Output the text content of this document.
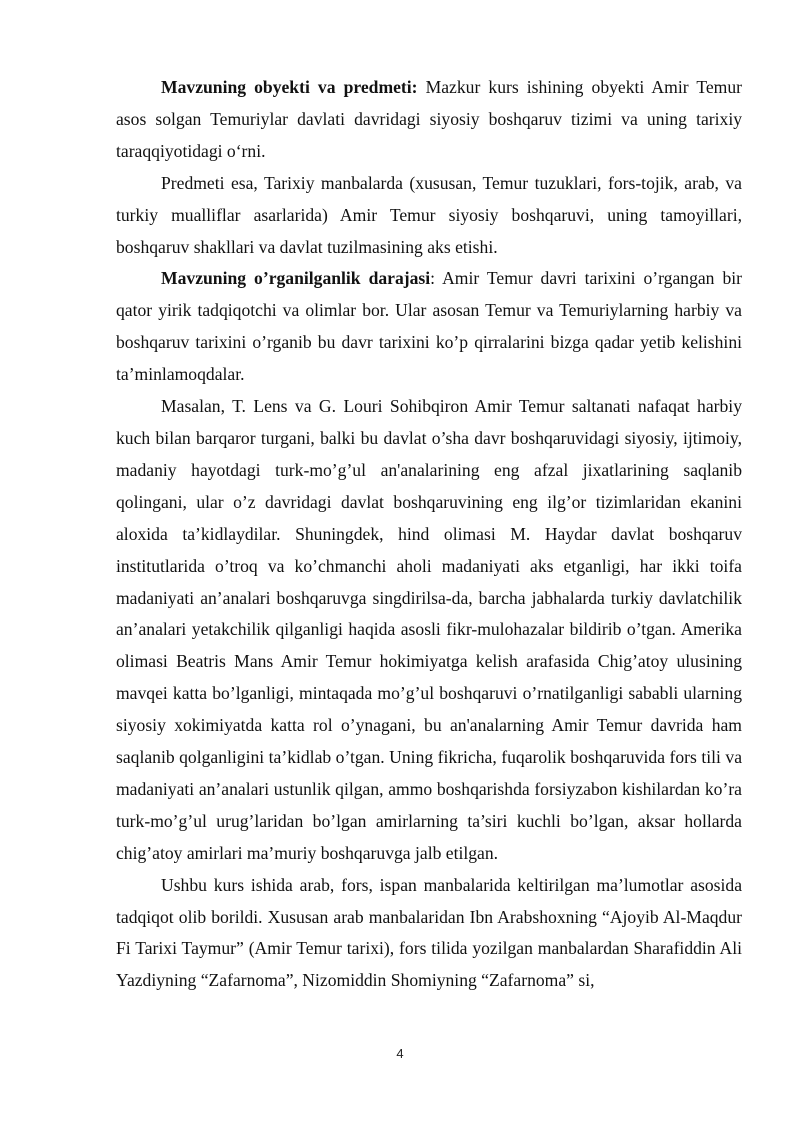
Mavzuning obyekti va predmeti: Mazkur kurs ishining obyekti Amir Temur asos solgan Temuriylar davlati davridagi siyosiy boshqaruv tizimi va uning tarixiy taraqqiyotidagi o‘rni.

Predmeti esa, Tarixiy manbalarda (xususan, Temur tuzuklari, fors-tojik, arab, va turkiy mualliflar asarlarida) Amir Temur siyosiy boshqaruvi, uning tamoyillari, boshqaruv shakllari va davlat tuzilmasining aks etishi.

Mavzuning o’rganilganlik darajasi: Amir Temur davri tarixini o’rgangan bir qator yirik tadqiqotchi va olimlar bor. Ular asosan Temur va Temuriylarning harbiy va boshqaruv tarixini o’rganib bu davr tarixini ko’p qirralarini bizga qadar yetib kelishini ta’minlamoqdalar.

Masalan, T. Lens va G. Louri Sohibqiron Amir Temur saltanati nafaqat harbiy kuch bilan barqaror turgani, balki bu davlat o’sha davr boshqaruvidagi siyosiy, ijtimoiy, madaniy hayotdagi turk-mo’g’ul an'analarining eng afzal jixatlarining saqlanib qolingani, ular o’z davridagi davlat boshqaruvining eng ilg’or tizimlaridan ekanini aloxida ta’kidlaydilar. Shuningdek, hind olimasi M. Haydar davlat boshqaruv institutlarida o’troq va ko’chmanchi aholi madaniyati aks etganligi, har ikki toifa madaniyati an’analari boshqaruvga singdirilsa-da, barcha jabhalarda turkiy davlatchilik an’analari yetakchilik qilganligi haqida asosli fikr-mulohazalar bildirib o’tgan. Amerika olimasi Beatris Mans Amir Temur hokimiyatga kelish arafasida Chig’atoy ulusining mavqei katta bo’lganligi, mintaqada mo’g’ul boshqaruvi o’rnatilganligi sababli ularning siyosiy xokimiyatda katta rol o’ynagani, bu an'analarning Amir Temur davrida ham saqlanib qolganligini ta’kidlab o’tgan. Uning fikricha, fuqarolik boshqaruvida fors tili va madaniyati an’analari ustunlik qilgan, ammo boshqarishda forsiyzabon kishilardan ko’ra turk-mo’g’ul urug’laridan bo’lgan amirlarning ta’siri kuchli bo’lgan, aksar hollarda chig’atoy amirlari ma’muriy boshqaruvga jalb etilgan.

Ushbu kurs ishida arab, fors, ispan manbalarida keltirilgan ma’lumotlar asosida tadqiqot olib borildi. Xususan arab manbalaridan Ibn Arabshoxning “Ajoyib Al-Maqdur Fi Tarixi Taymur” (Amir Temur tarixi), fors tilida yozilgan manbalardan Sharafiddin Ali Yazdiyning “Zafarnoma”, Nizomiddin Shomiyning “Zafarnoma” si,

4
